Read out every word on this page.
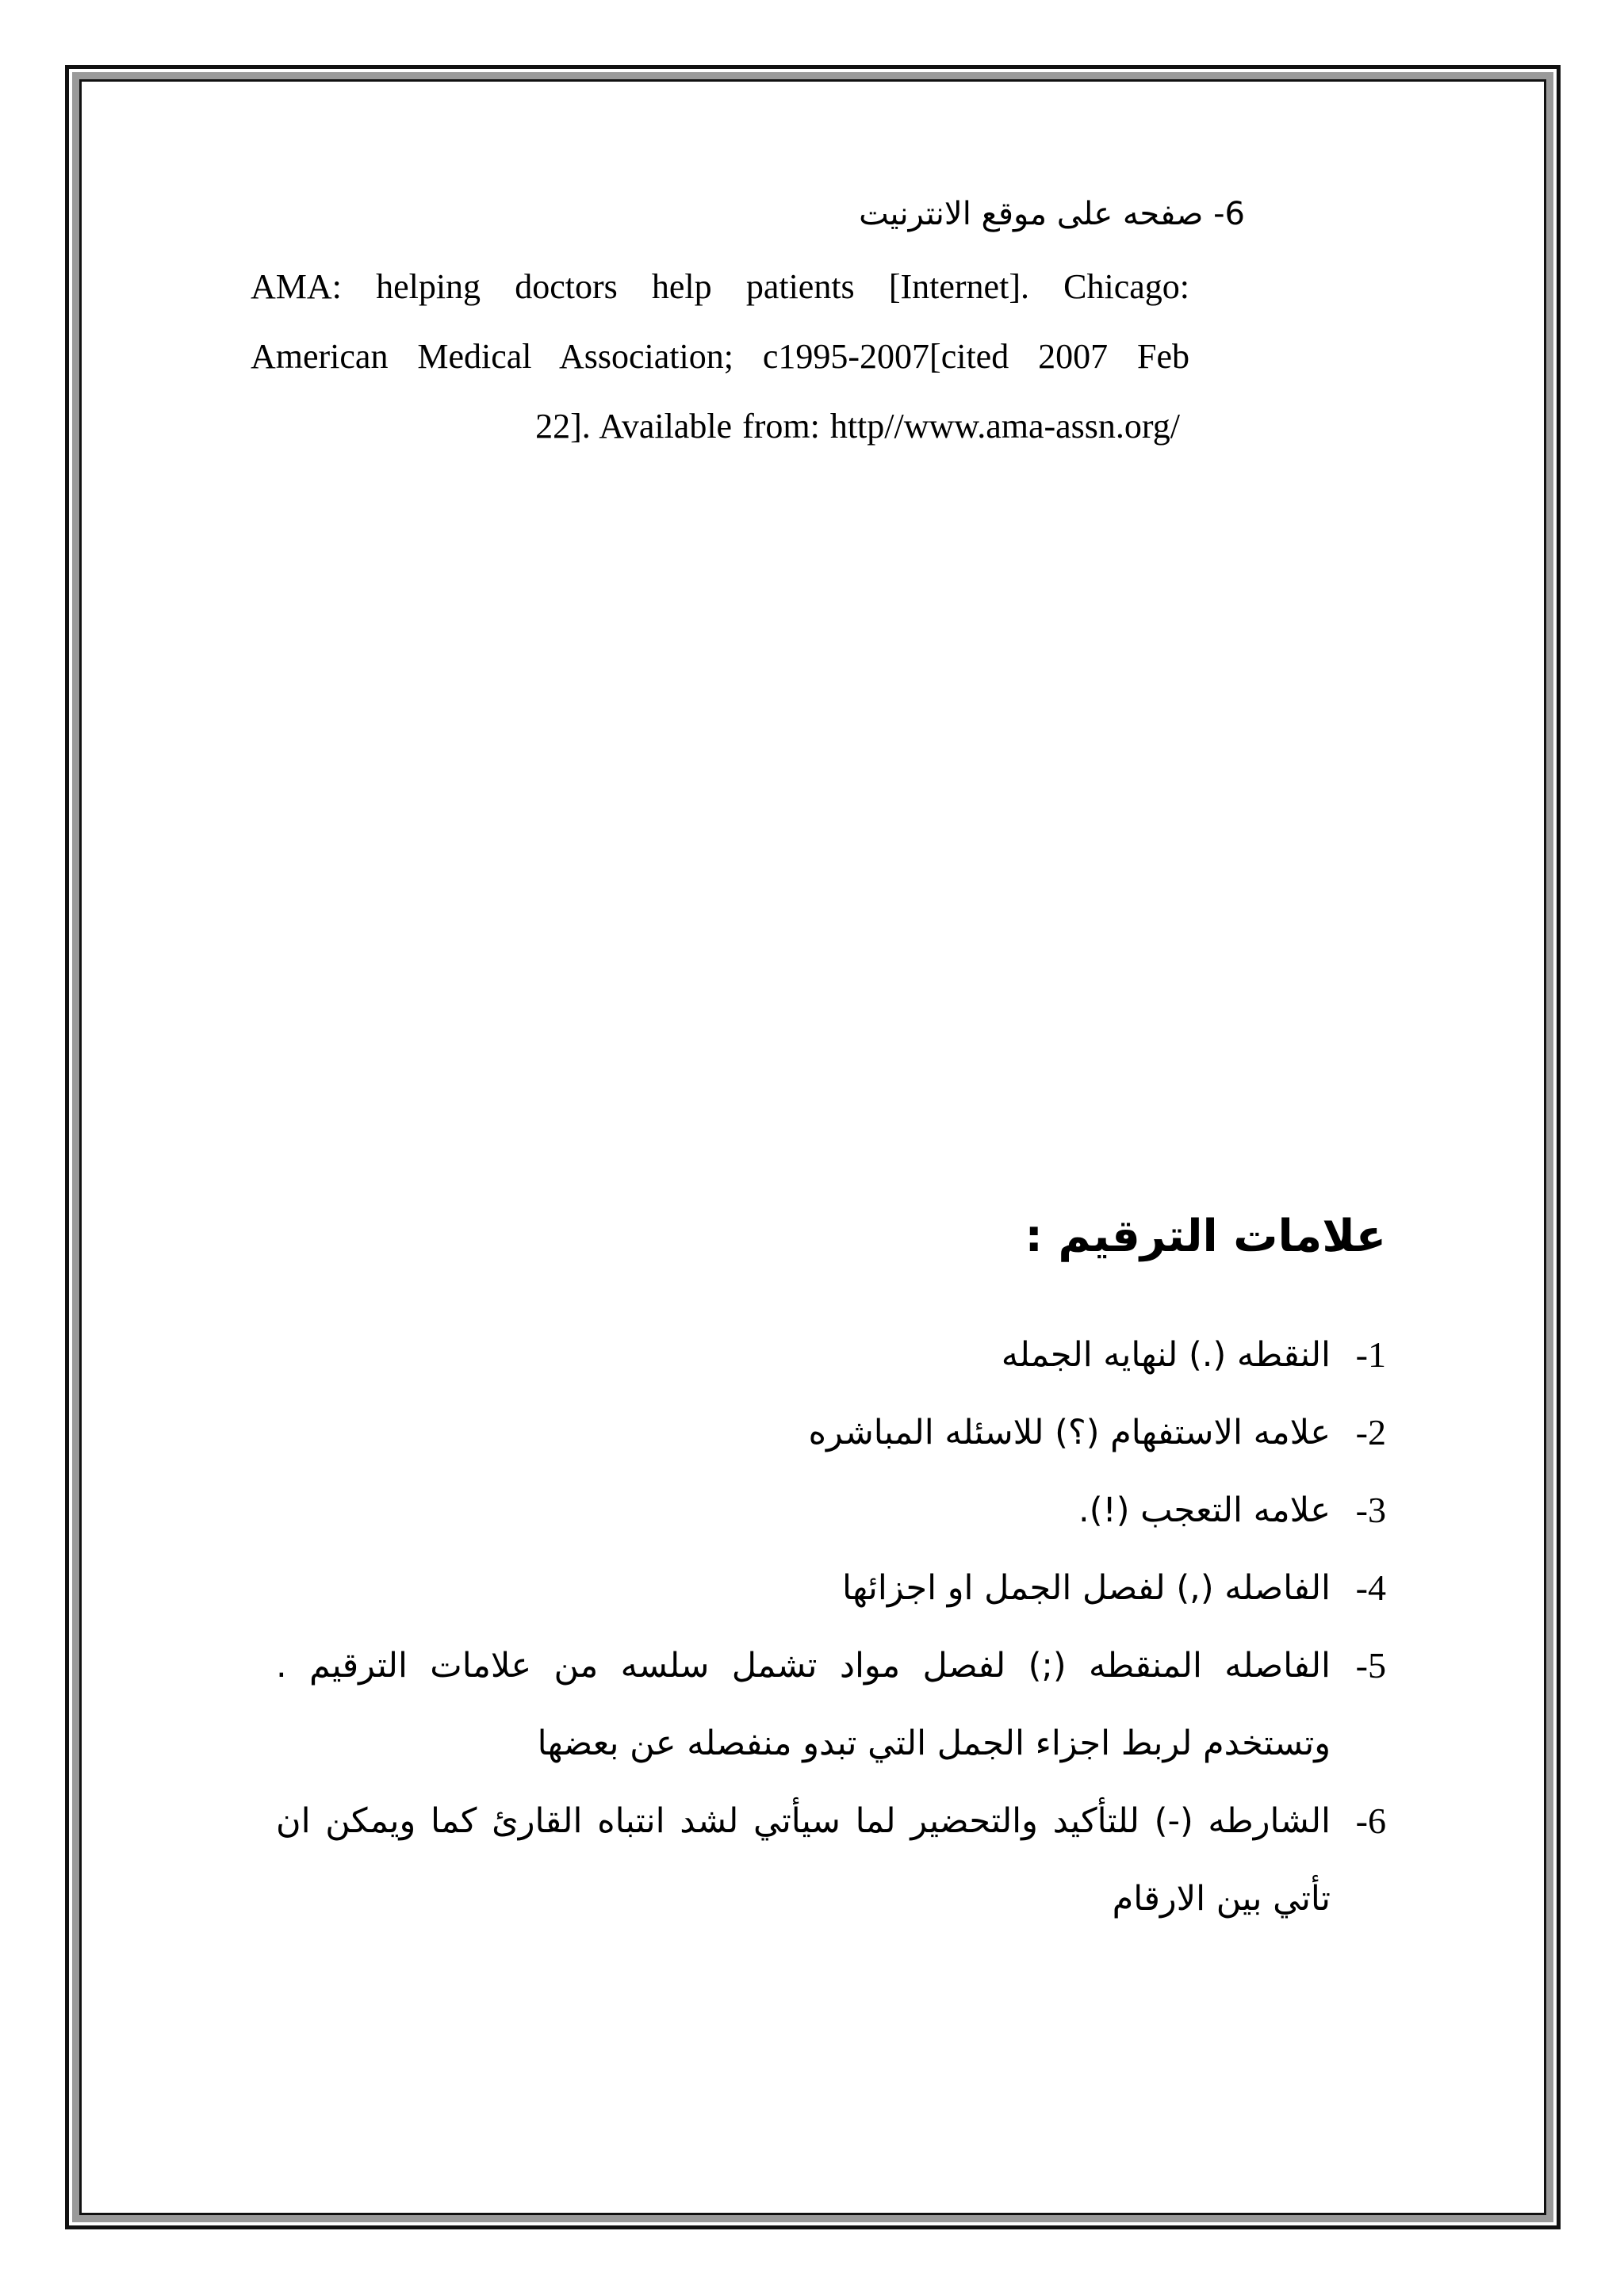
6- صفحه على موقع الانترنيت
AMA: helping doctors help patients [Internet]. Chicago:
American Medical Association; c1995-2007[cited 2007 Feb
22]. Available from: http//www.ama-assn.org/
علامات الترقيم :
1-
النقطه (.) لنهايه الجمله
2-
علامه الاستفهام (؟) للاسئله المباشره
3-
علامه التعجب (!).
4-
الفاصله (,) لفصل الجمل او اجزائها
5-
الفاصله المنقطه (;) لفصل مواد تشمل سلسه من علامات الترقيم . وتستخدم لربط اجزاء الجمل التي تبدو منفصله عن بعضها
6-
الشارطه (-) للتأكيد والتحضير لما سيأتي لشد انتباه القارئ كما ويمكن ان تأتي بين الارقام
